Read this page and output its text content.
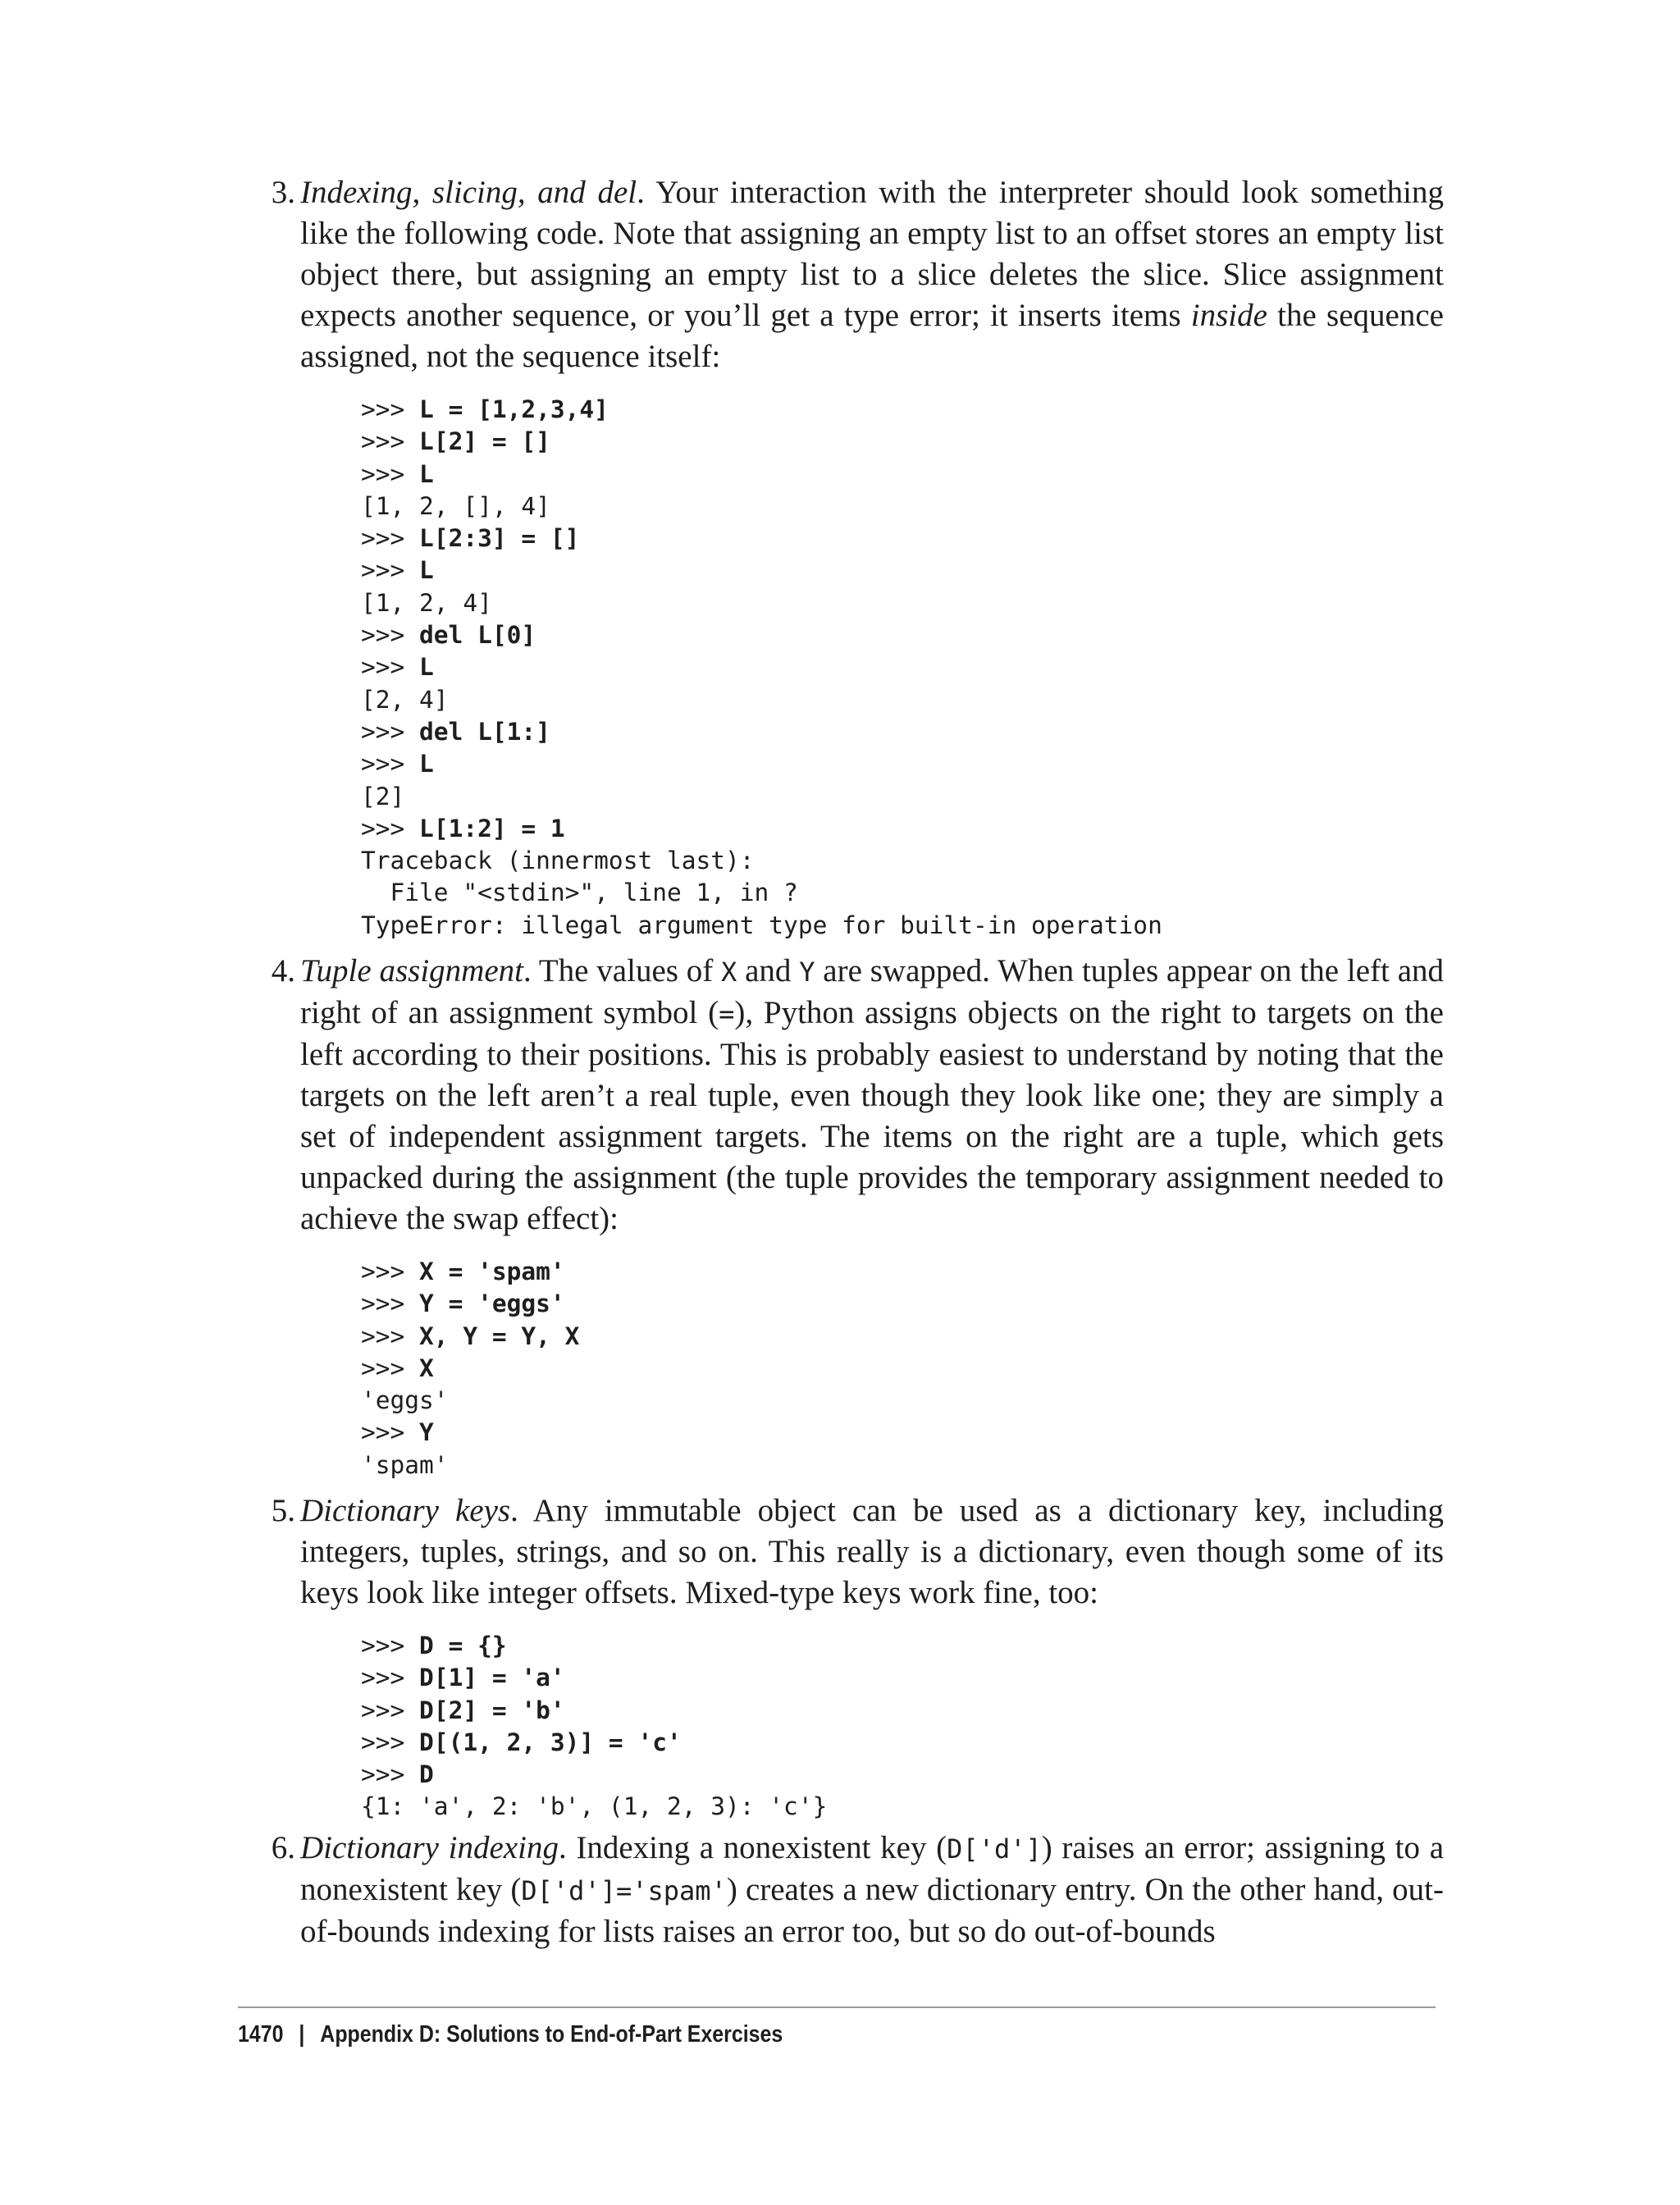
3. Indexing, slicing, and del. Your interaction with the interpreter should look something like the following code. Note that assigning an empty list to an offset stores an empty list object there, but assigning an empty list to a slice deletes the slice. Slice assignment expects another sequence, or you’ll get a type error; it inserts items inside the sequence assigned, not the sequence itself:

>>> L = [1,2,3,4]
>>> L[2] = []
>>> L
[1, 2, [], 4]
>>> L[2:3] = []
>>> L
[1, 2, 4]
>>> del L[0]
>>> L
[2, 4]
>>> del L[1:]
>>> L
[2]
>>> L[1:2] = 1
Traceback (innermost last):
File "<stdin>", line 1, in ?
TypeError: illegal argument type for built-in operation
4. Tuple assignment. The values of X and Y are swapped. When tuples appear on the left and right of an assignment symbol (=), Python assigns objects on the right to targets on the left according to their positions. This is probably easiest to understand by noting that the targets on the left aren’t a real tuple, even though they look like one; they are simply a set of independent assignment targets. The items on the right are a tuple, which gets unpacked during the assignment (the tuple provides the temporary assignment needed to achieve the swap effect):

>>> X = 'spam'
>>> Y = 'eggs'
>>> X, Y = Y, X
>>> X
'eggs'
>>> Y
'spam'
5. Dictionary keys. Any immutable object can be used as a dictionary key, including integers, tuples, strings, and so on. This really is a dictionary, even though some of its keys look like integer offsets. Mixed-type keys work fine, too:

>>> D = {}
>>> D[1] = 'a'
>>> D[2] = 'b'
>>> D[(1, 2, 3)] = 'c'
>>> D
{1: 'a', 2: 'b', (1, 2, 3): 'c'}
6. Dictionary indexing. Indexing a nonexistent key (D['d']) raises an error; assigning to a nonexistent key (D['d']='spam') creates a new dictionary entry. On the other hand, out-of-bounds indexing for lists raises an error too, but so do out-of-bounds

1470 | Appendix D: Solutions to End-of-Part Exercises
